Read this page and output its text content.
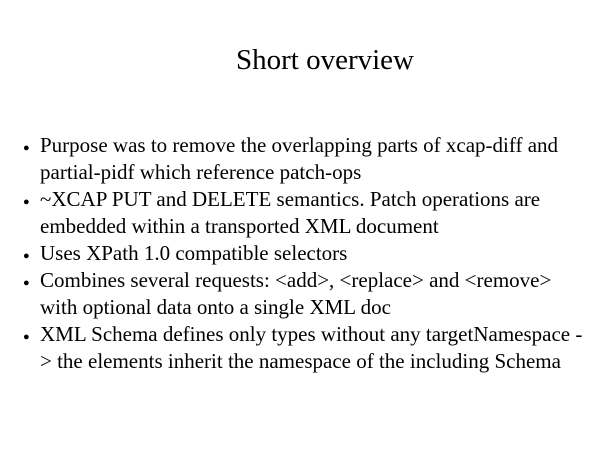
Short overview
● Purpose was to remove the overlapping parts of xcap-diff and partial-pidf which reference patch-ops
● ~XCAP PUT and DELETE semantics. Patch operations are embedded within a transported XML document
● Uses XPath 1.0 compatible selectors
● Combines several requests: <add>, <replace> and <remove> with optional data onto a single XML doc
● XML Schema defines only types without any targetNamespace -> the elements inherit the namespace of the including Schema
